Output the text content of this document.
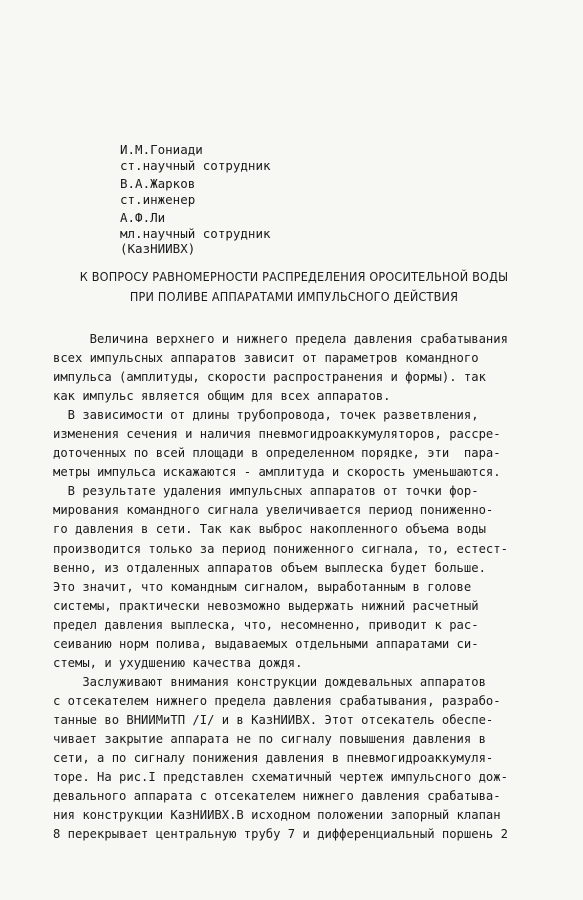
И.М.Гониади
ст.научный сотрудник
В.А.Жарков
ст.инженер
А.Ф.Ли
мл.научный сотрудник
(КазНИИВХ)
К ВОПРОСУ РАВНОМЕРНОСТИ РАСПРЕДЕЛЕНИЯ ОРОСИТЕЛЬНОЙ ВОДЫ
ПРИ ПОЛИВЕ АППАРАТАМИ ИМПУЛЬСНОГО ДЕЙСТВИЯ
Величина верхнего и нижнего предела давления срабатывания
всех импульсных аппаратов зависит от параметров командного
импульса (амплитуды, скорости распространения и формы). так
как импульс является общим для всех аппаратов.
В зависимости от длины трубопровода, точек разветвления,
изменения сечения и наличия пневмогидроаккумуляторов, рассре-
доточенных по всей площади в определенном порядке, эти  пара-
метры импульса искажаются - амплитуда и скорость уменьшаются.
В результате удаления импульсных аппаратов от точки фор-
мирования командного сигнала увеличивается период пониженно-
го давления в сети. Так как выброс накопленного объема воды
производится только за период пониженного сигнала, то, естест-
венно, из отдаленных аппаратов объем выплеска будет больше.
Это значит, что командным сигналом, выработанным в голове
системы, практически невозможно выдержать нижний расчетный
предел давления выплеска, что, несомненно, приводит к рас-
сеиванию норм полива, выдаваемых отдельными аппаратами си-
стемы, и ухудшению качества дождя.
Заслуживают внимания конструкции дождевальных аппаратов
с отсекателем нижнего предела давления срабатывания, разрабо-
танные во ВНИИМиТП /I/ и в КазНИИВХ. Этот отсекатель обеспе-
чивает закрытие аппарата не по сигналу повышения давления в
сети, а по сигналу понижения давления в пневмогидроаккумуля-
торе. На рис.I представлен схематичный чертеж импульсного дож-
девального аппарата с отсекателем нижнего давления срабатыва-
ния конструкции КазНИИВХ.В исходном положении запорный клапан
8 перекрывает центральную трубу 7 и дифференциальный поршень 2
